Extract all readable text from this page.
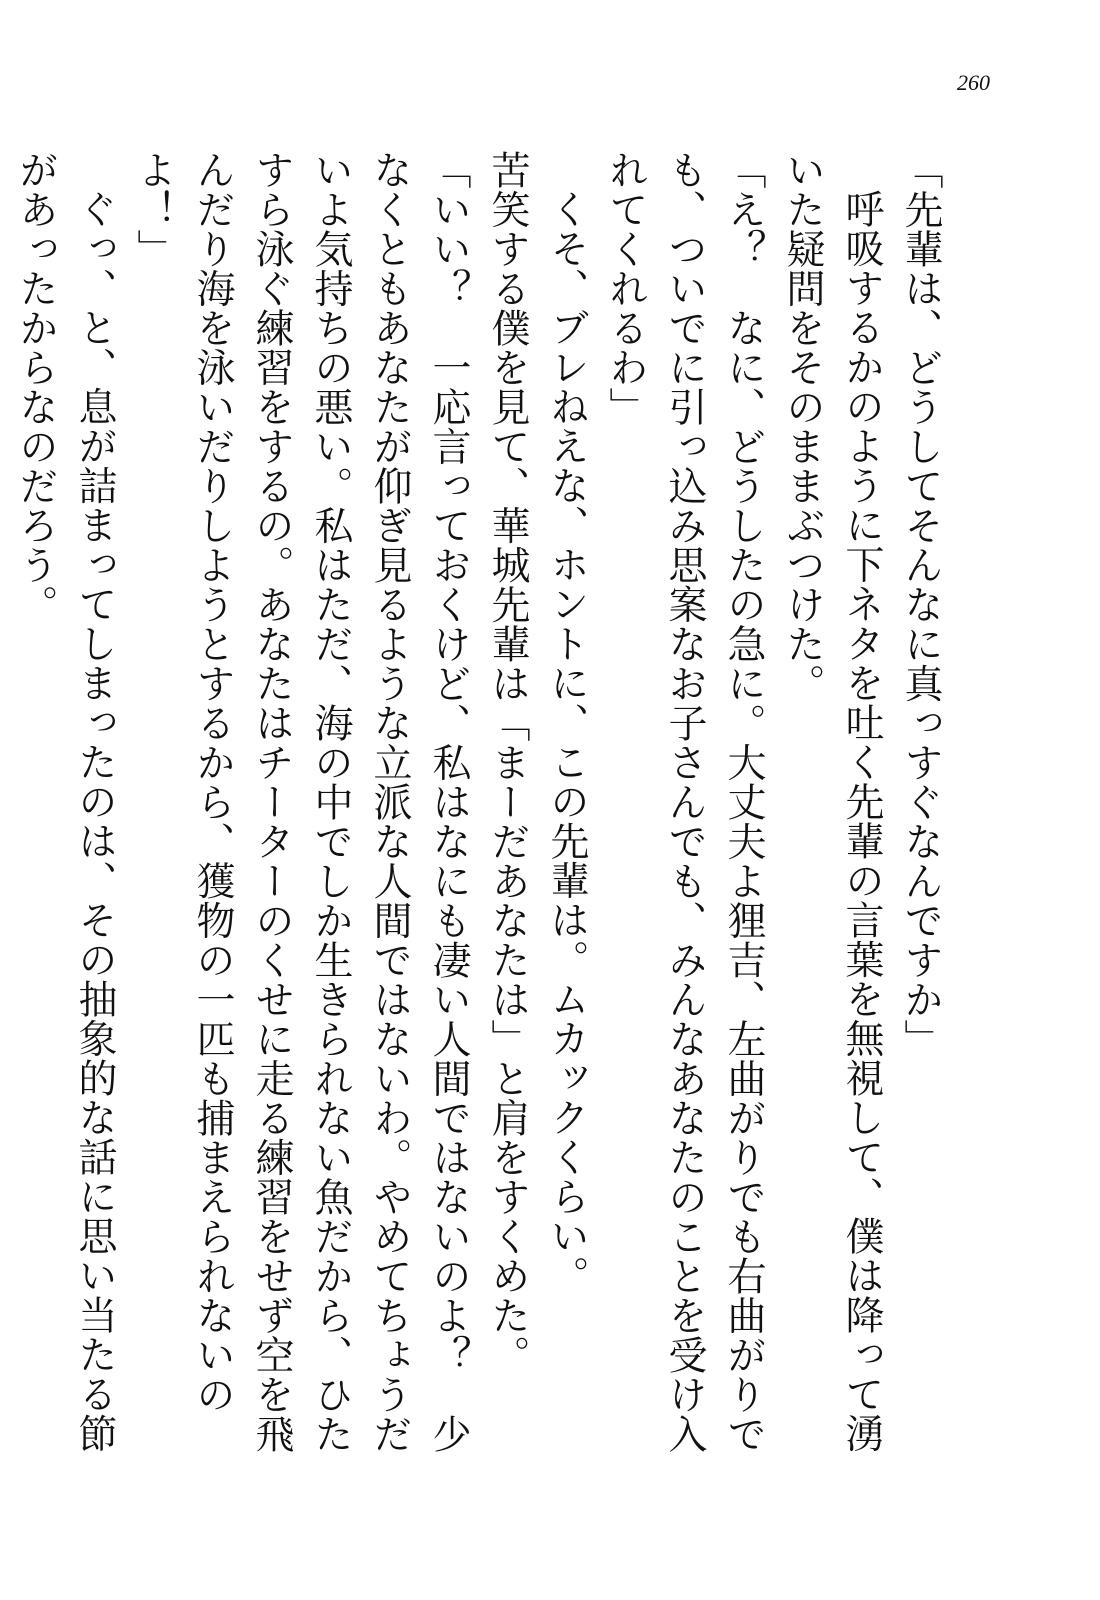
260

「先輩は、どうしてそんなに真っすぐなんですか」

呼吸するかのように下ネタを吐く先輩の言葉を無視して、僕は降って湧いた疑問をそのままぶつけた。

「え？　なに、どうしたの急に。大丈夫よ狸吉、左曲がりでも右曲がりでも、ついでに引っ込み思案なお子さんでも、みんなあなたのことを受け入れてくれるわ」

くそ、ブレねえな、ホントに、この先輩は。ムカックくらい。

苦笑する僕を見て、華城先輩は「まーだあなたは」と肩をすくめた。

「いい？　一応言っておくけど、私はなにも凄い人間ではないのよ？　少なくともあなたが仰ぎ見るような立派な人間ではないわ。やめてちょうだいよ気持ちの悪い。私はただ、海の中でしか生きられない魚だから、ひたすら泳ぐ練習をするの。あなたはチーターのくせに走る練習をせず空を飛んだり海を泳いだりしようとするから、獲物の一匹も捕まえられないのよ！」

ぐっ、と、息が詰まってしまったのは、その抽象的な話に思い当たる節があったからなのだろう。
